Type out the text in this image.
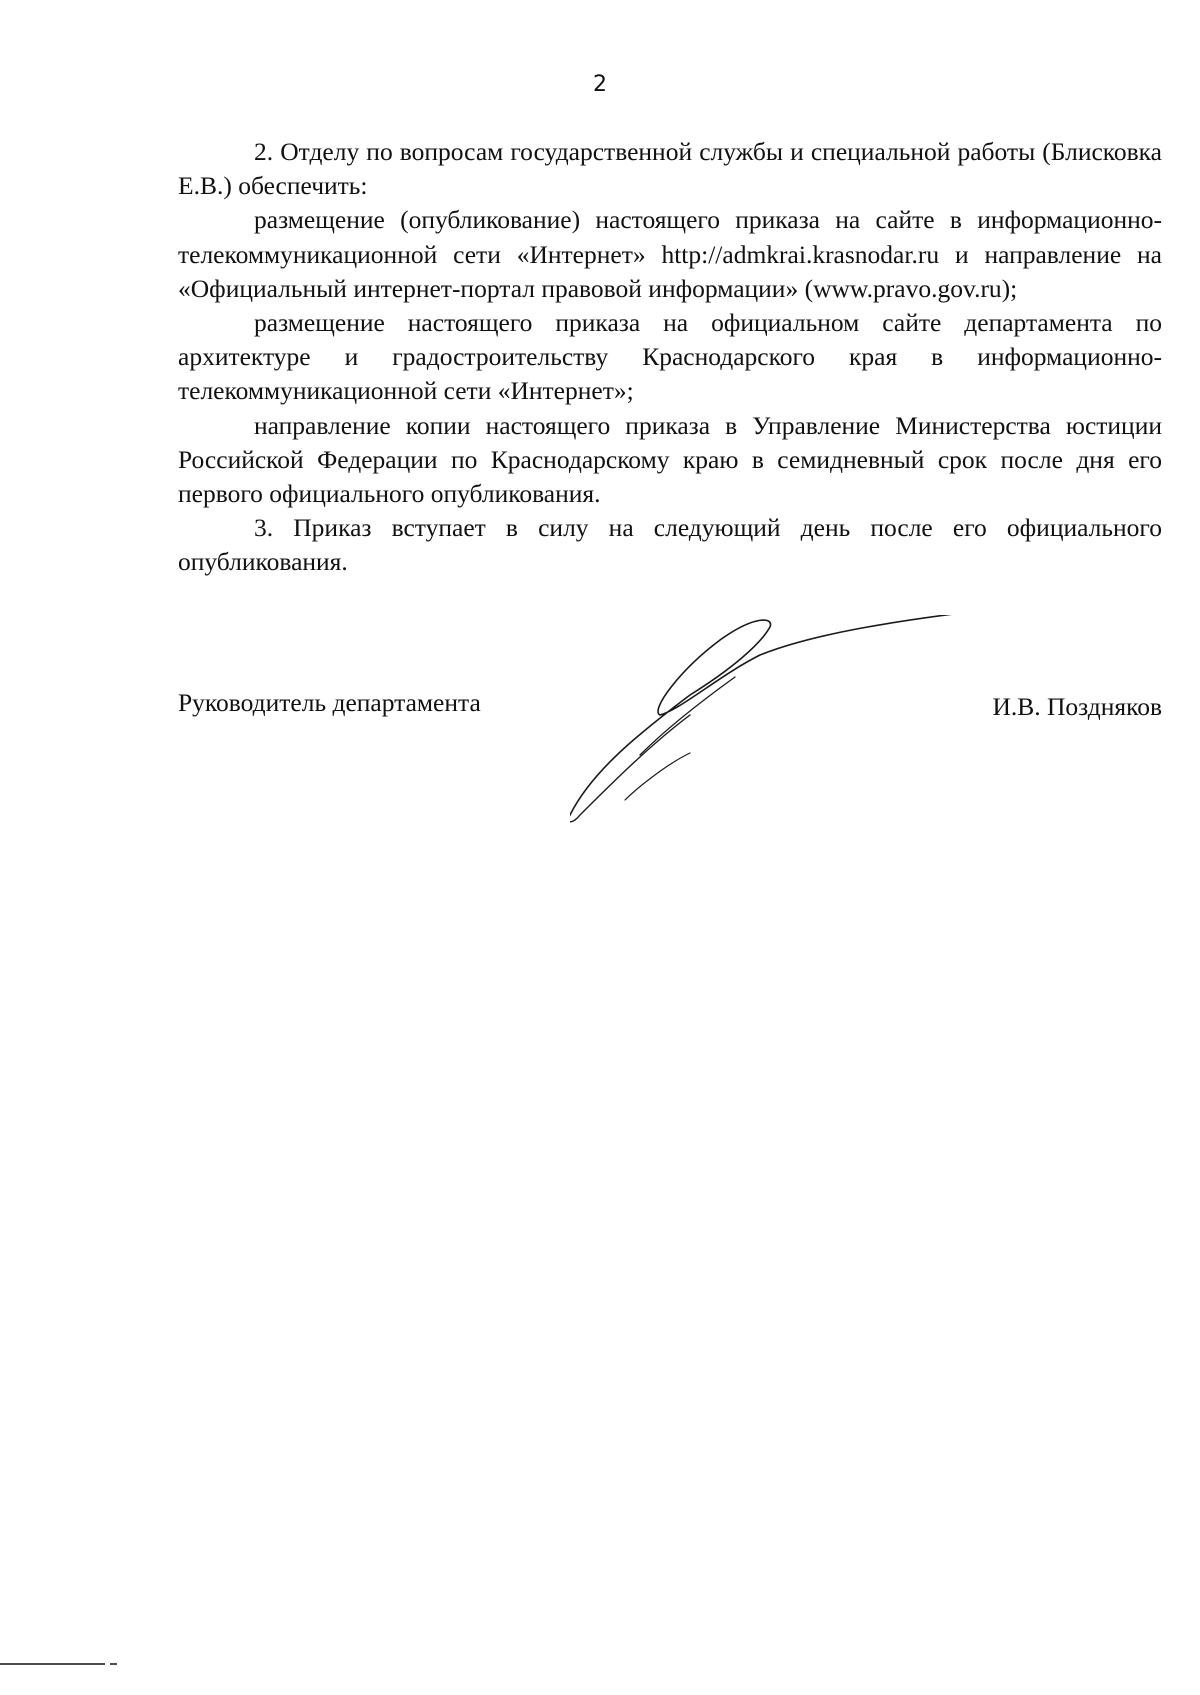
2

2. Отделу по вопросам государственной службы и специальной работы (Блисковка Е.В.) обеспечить:

размещение (опубликование) настоящего приказа на сайте в информационно-телекоммуникационной сети «Интернет» http://admkrai.krasnodar.ru и направление на «Официальный интернет-портал правовой информации» (www.pravo.gov.ru);

размещение настоящего приказа на официальном сайте департамента по архитектуре и градостроительству Краснодарского края в информационно-телекоммуникационной сети «Интернет»;

направление копии настоящего приказа в Управление Министерства юстиции Российской Федерации по Краснодарскому краю в семидневный срок после дня его первого официального опубликования.

3. Приказ вступает в силу на следующий день после его официального опубликования.

Руководитель департамента	И.В. Поздняков
